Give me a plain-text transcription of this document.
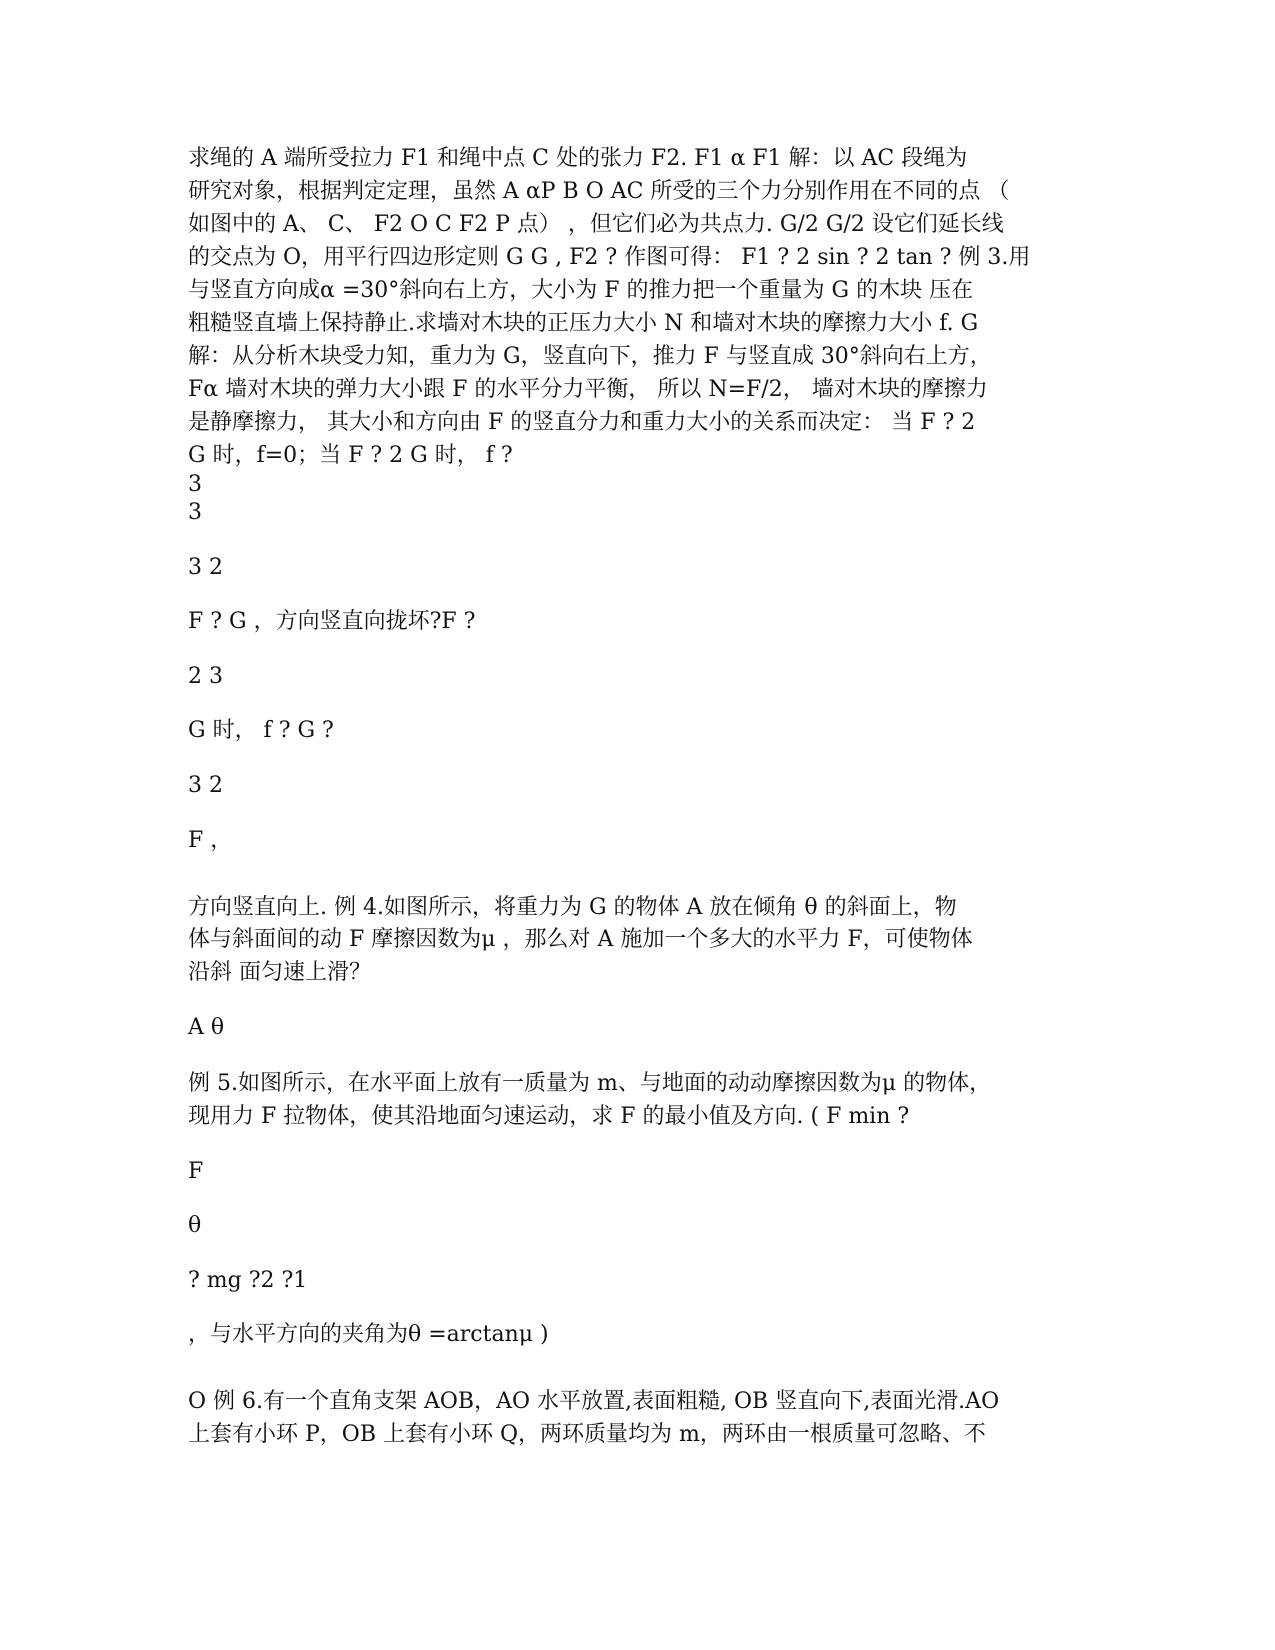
求绳的 A 端所受拉力 F1 和绳中点 C 处的张力 F2. F1 α F1 解：以 AC 段绳为
研究对象，根据判定定理，虽然 A αP B O AC 所受的三个力分别作用在不同的点 （
如图中的 A、 C、 F2 O C F2 P 点） ，但它们必为共点力. G/2 G/2 设它们延长线
的交点为 O，用平行四边形定则 G G , F2 ? 作图可得： F1 ? 2 sin ? 2 tan ? 例 3.用
与竖直方向成α =30°斜向右上方，大小为 F 的推力把一个重量为 G 的木块 压在
粗糙竖直墙上保持静止.求墙对木块的正压力大小 N 和墙对木块的摩擦力大小 f. G
解：从分析木块受力知，重力为 G，竖直向下，推力 F 与竖直成 30°斜向右上方，
Fα 墙对木块的弹力大小跟 F 的水平分力平衡， 所以 N=F/2， 墙对木块的摩擦力
是静摩擦力， 其大小和方向由 F 的竖直分力和重力大小的关系而决定： 当 F ? 2
G 时，f=0；当 F ? 2 G 时， f ?
3
3
3 2
F ? G ，方向竖直向拢坏?F ?
2 3
G 时， f ? G ?
3 2
F ，
方向竖直向上. 例 4.如图所示，将重力为 G 的物体 A 放在倾角 θ 的斜面上，物
体与斜面间的动 F 摩擦因数为μ ，那么对 A 施加一个多大的水平力 F，可使物体
沿斜 面匀速上滑？
A θ
例 5.如图所示，在水平面上放有一质量为 m、与地面的动动摩擦因数为μ 的物体，
现用力 F 拉物体，使其沿地面匀速运动，求 F 的最小值及方向. ( F min ?
F
θ
? mg ?2 ?1
，与水平方向的夹角为θ =arctanμ )
O 例 6.有一个直角支架 AOB，AO 水平放置,表面粗糙, OB 竖直向下,表面光滑.AO
上套有小环 P，OB 上套有小环 Q，两环质量均为 m，两环由一根质量可忽略、不
